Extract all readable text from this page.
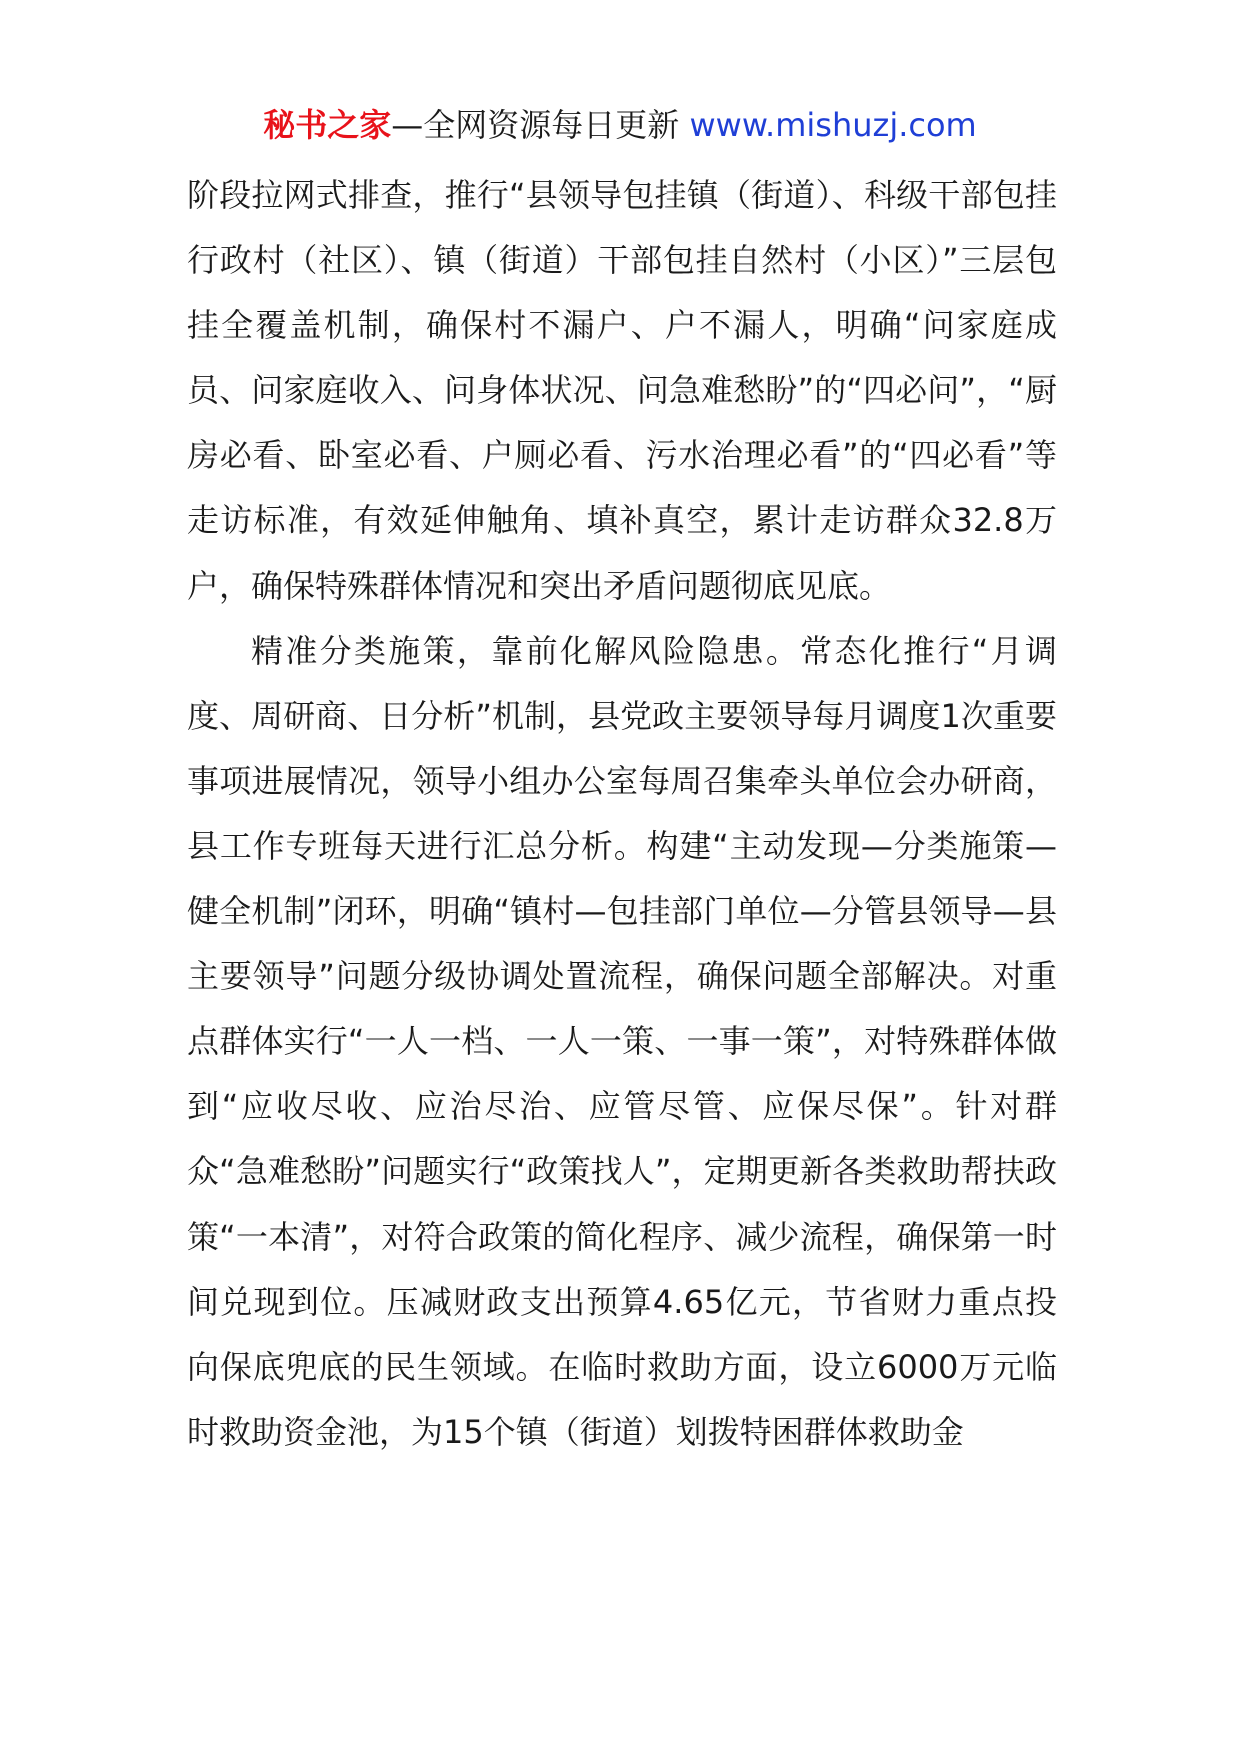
秘书之家—全网资源每日更新 www.mishuzj.com

阶段拉网式排查，推行“县领导包挂镇（街道）、科级干部包挂行政村（社区）、镇（街道）干部包挂自然村（小区）”三层包挂全覆盖机制，确保村不漏户、户不漏人，明确“问家庭成员、问家庭收入、问身体状况、问急难愁盼”的“四必问”，“厨房必看、卧室必看、户厕必看、污水治理必看”的“四必看”等走访标准，有效延伸触角、填补真空，累计走访群众32.8万户，确保特殊群体情况和突出矛盾问题彻底见底。

精准分类施策，靠前化解风险隐患。常态化推行“月调度、周研商、日分析”机制，县党政主要领导每月调度1次重要事项进展情况，领导小组办公室每周召集牵头单位会办研商，县工作专班每天进行汇总分析。构建“主动发现—分类施策—健全机制”闭环，明确“镇村—包挂部门单位—分管县领导—县主要领导”问题分级协调处置流程，确保问题全部解决。对重点群体实行“一人一档、一人一策、一事一策”，对特殊群体做到“应收尽收、应治尽治、应管尽管、应保尽保”。针对群众“急难愁盼”问题实行“政策找人”，定期更新各类救助帮扶政策“一本清”，对符合政策的简化程序、减少流程，确保第一时间兑现到位。压减财政支出预算4.65亿元，节省财力重点投向保底兜底的民生领域。在临时救助方面，设立6000万元临时救助资金池，为15个镇（街道）划拨特困群体救助金
